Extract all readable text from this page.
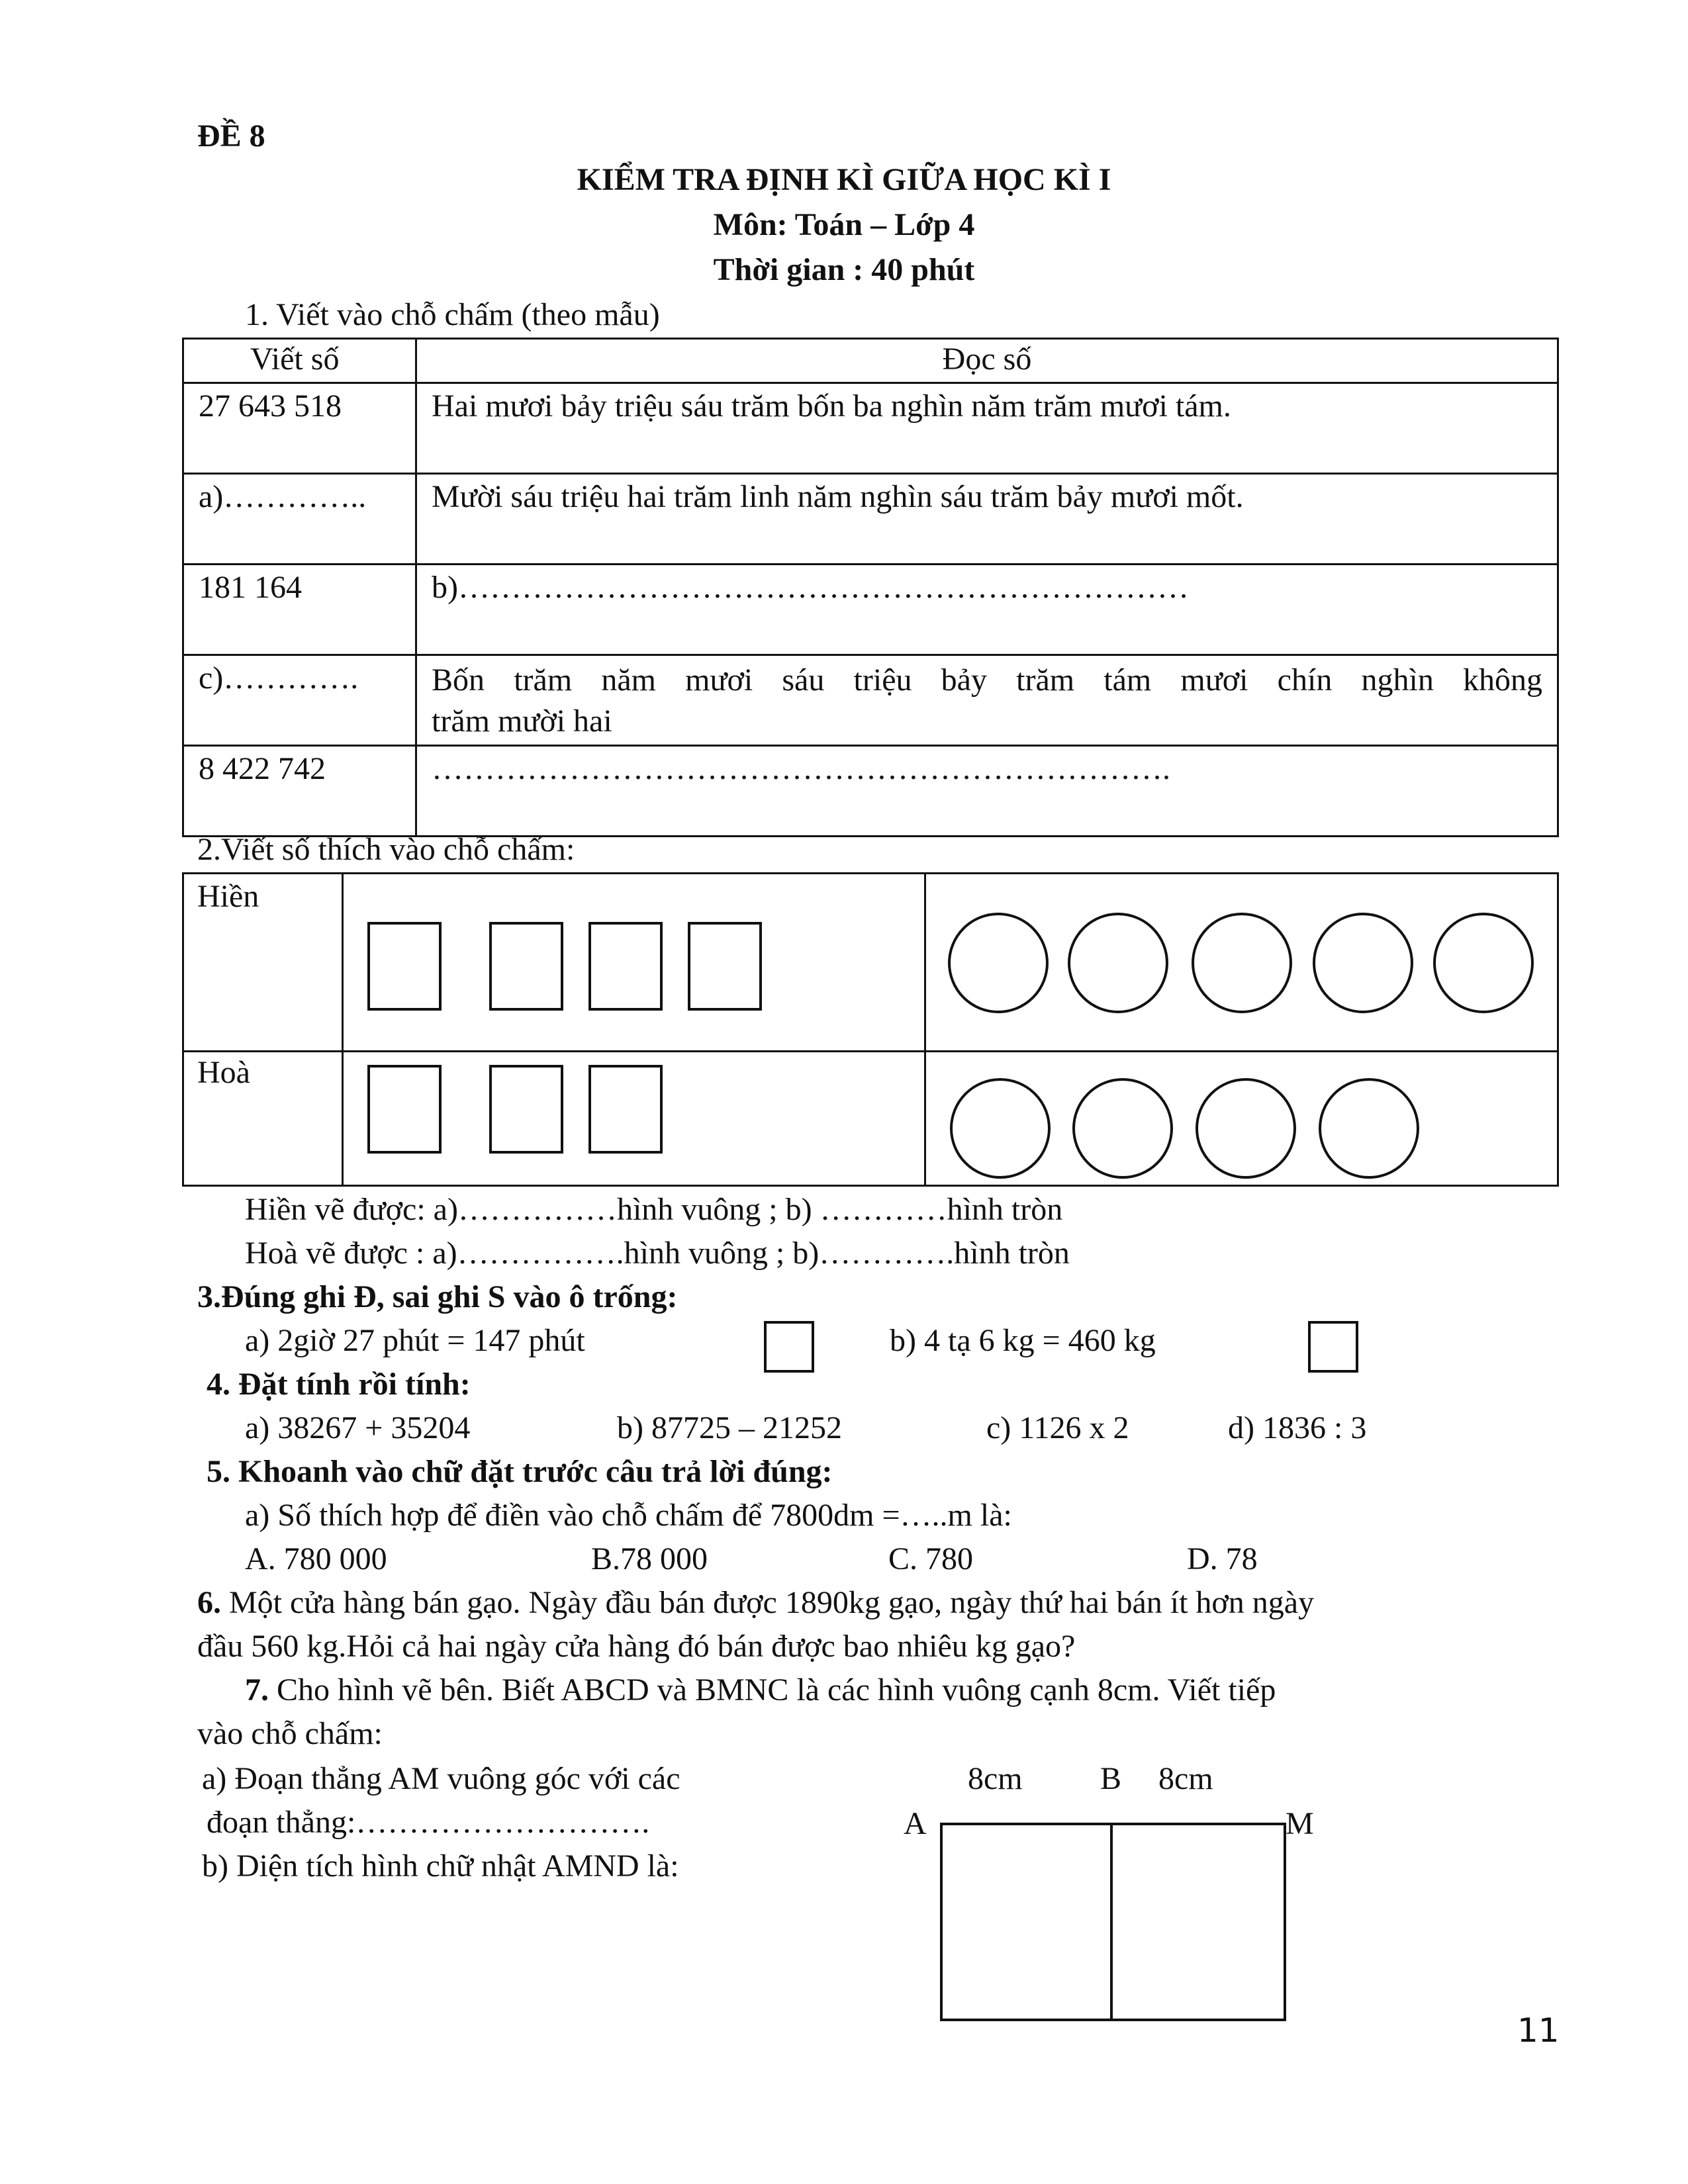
ĐỀ 8
KIỂM TRA ĐỊNH KÌ GIỮA HỌC KÌ I
Môn: Toán – Lớp 4
Thời gian : 40 phút
1. Viết vào chỗ chấm (theo mẫu)
Viết số	Đọc số
27 643 518	Hai mươi bảy triệu sáu trăm bốn ba nghìn năm trăm mươi tám.
a)…………..	Mười sáu triệu hai trăm linh năm nghìn sáu trăm bảy mươi mốt.
181 164	b)……………………………………………………………
c)………….	Bốn trăm năm mươi sáu triệu bảy trăm tám mươi chín nghìn không
trăm mười hai

8 422 742	…………………………………………………………….
2.Viết số thích vào chỗ chấm:
Hiền
Hoà
Hiền vẽ được: a)……………hình vuông ; b) …………hình tròn
Hoà vẽ được : a)…………….hình vuông ; b)………….hình tròn
3.Đúng ghi Đ, sai ghi S vào ô trống:
a) 2giờ 27 phút = 147 phút	b) 4 tạ 6 kg = 460 kg
4. Đặt tính rồi tính:
a) 38267 + 35204	b) 87725 – 21252	c) 1126 x 2	d) 1836 : 3
5. Khoanh vào chữ đặt trước câu trả lời đúng:
a) Số thích hợp để điền vào chỗ chấm để 7800dm =…..m là:
A. 780 000	B.78 000	C. 780	D. 78
6. Một cửa hàng bán gạo. Ngày đầu bán được 1890kg gạo, ngày thứ hai bán ít hơn ngày
đầu 560 kg.Hỏi cả hai ngày cửa hàng đó bán được bao nhiêu kg gạo?
7. Cho hình vẽ bên. Biết ABCD và BMNC là các hình vuông cạnh 8cm. Viết tiếp
vào chỗ chấm:
a) Đoạn thẳng AM vuông góc với các
đoạn thẳng:……………………….
b) Diện tích hình chữ nhật AMND là:
8cm B 8cm
A	M
11
